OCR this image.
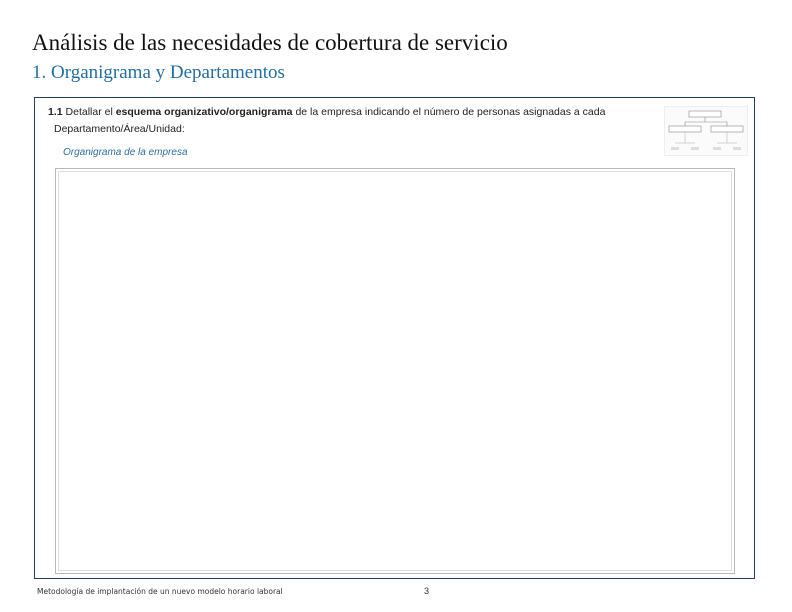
Análisis de las necesidades de cobertura de servicio
1. Organigrama y Departamentos
1.1 Detallar el esquema organizativo/organigrama de la empresa indicando el número de personas asignadas a cada
Departamento/Área/Unidad:
Organigrama de la empresa
Metodología de implantación de un nuevo modelo horario laboral	3
